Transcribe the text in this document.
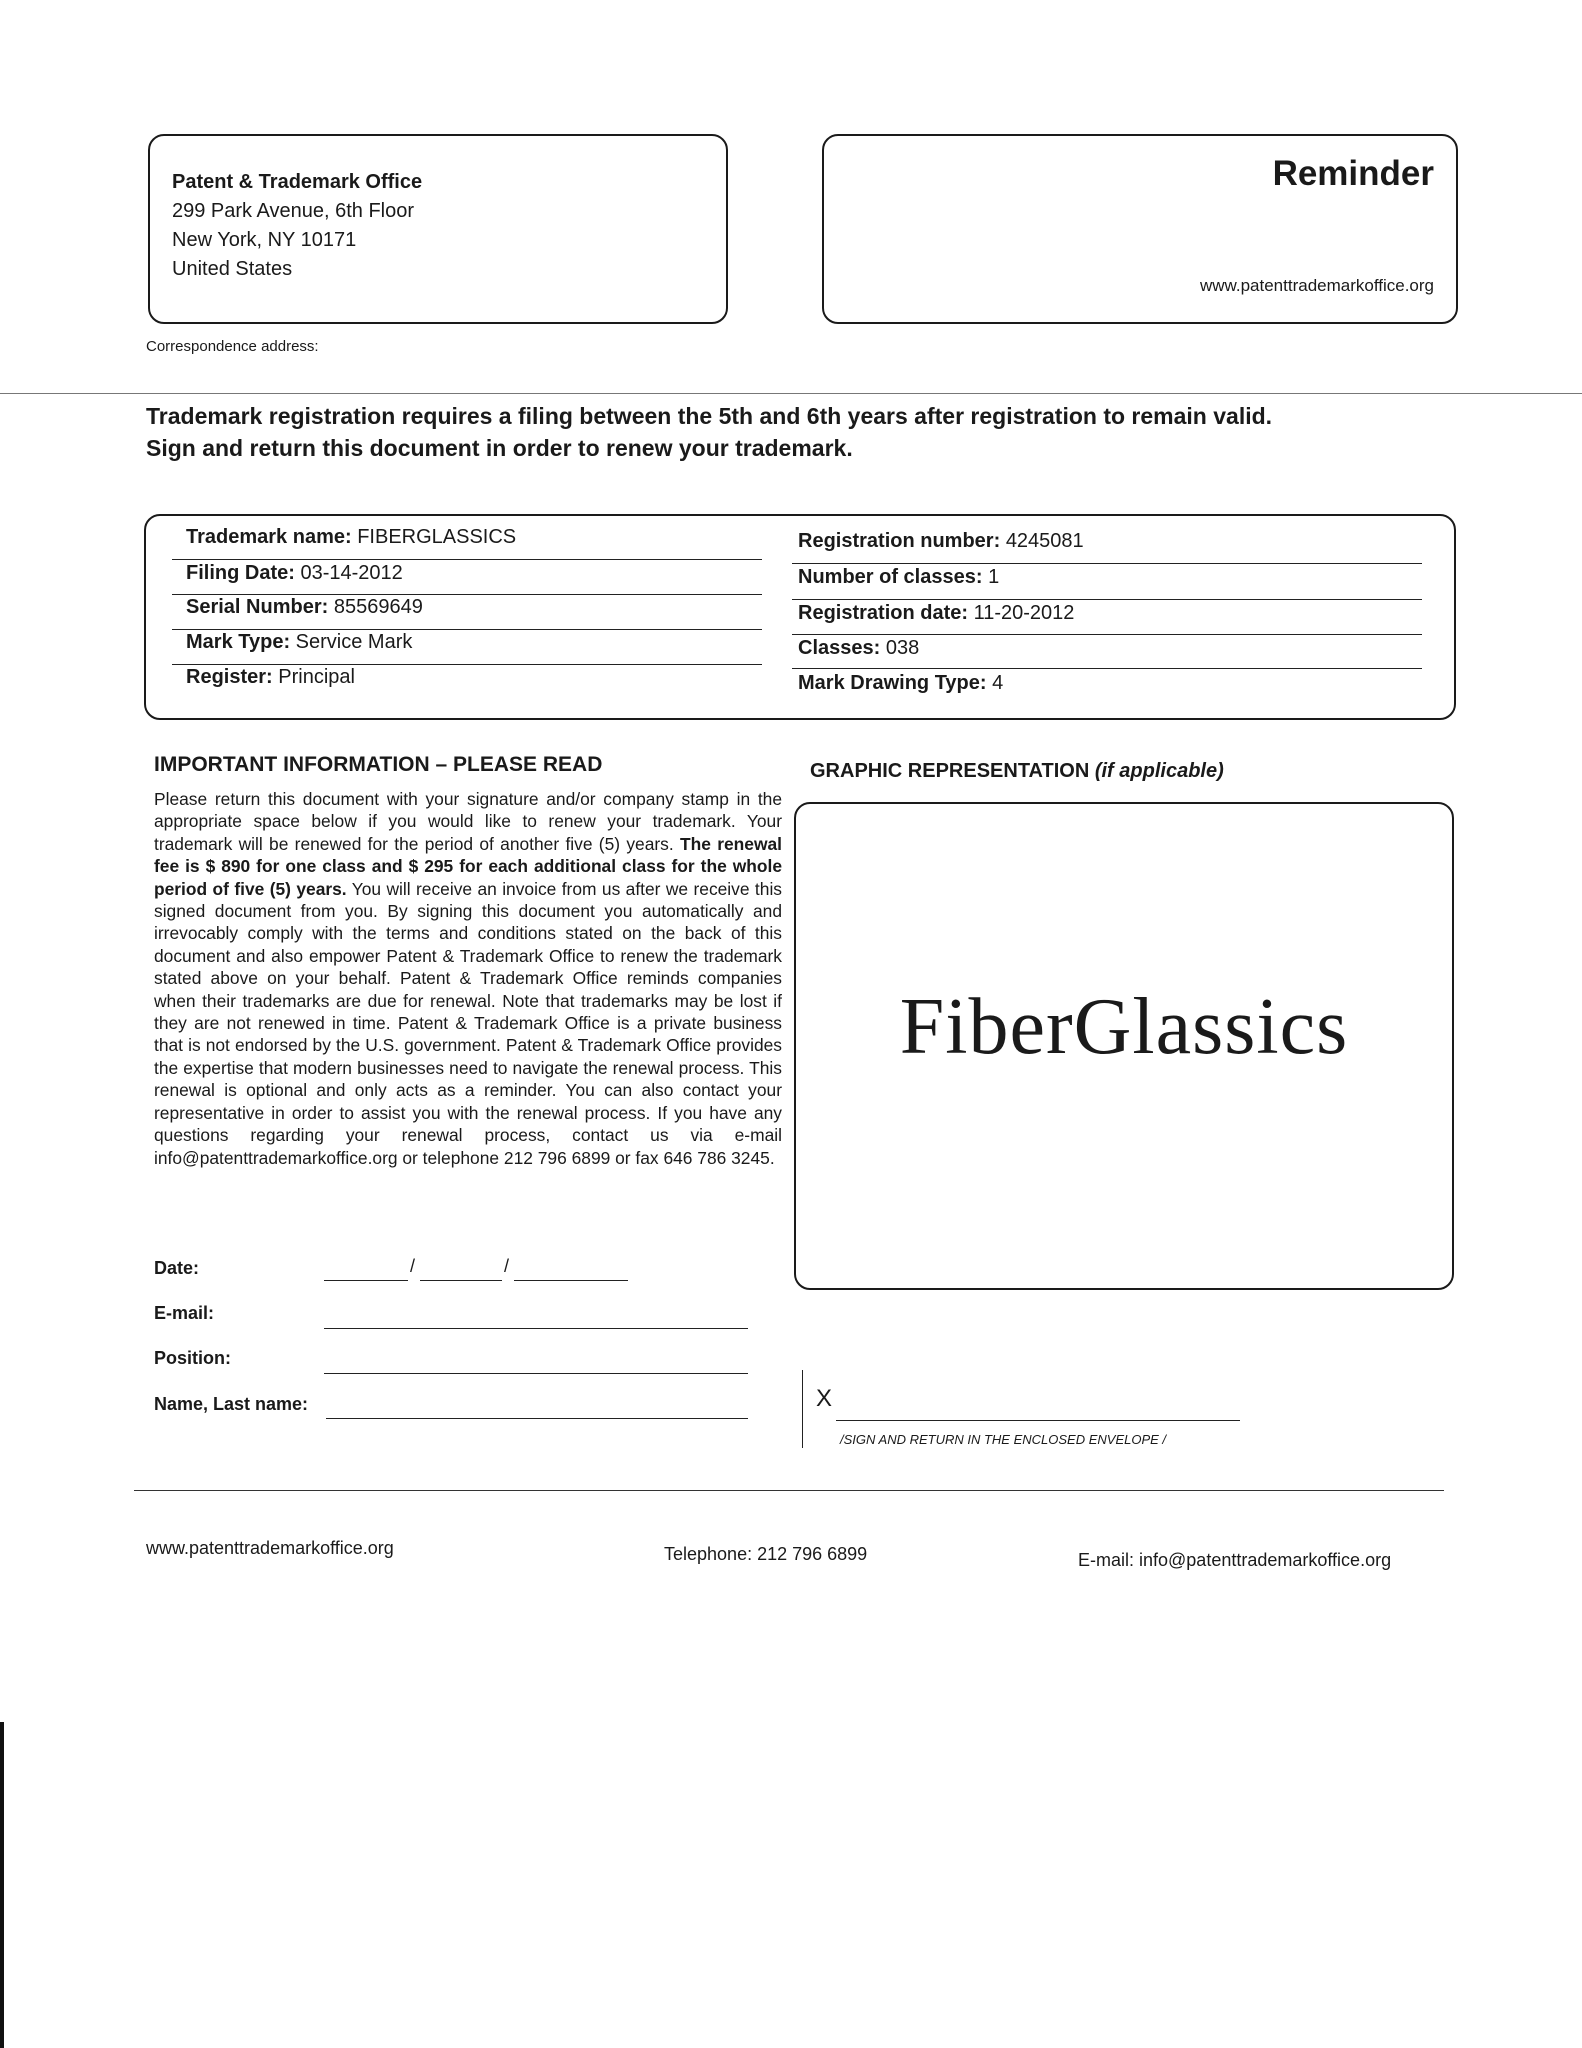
Patent & Trademark Office
299 Park Avenue, 6th Floor
New York, NY 10171
United States
Reminder
www.patenttrademarkoffice.org
Correspondence address:
Trademark registration requires a filing between the 5th and 6th years after registration to remain valid.
Sign and return this document in order to renew your trademark.
Trademark name: FIBERGLASSICS
Filing Date: 03-14-2012
Serial Number: 85569649
Mark Type: Service Mark
Register: Principal
Registration number: 4245081
Number of classes: 1
Registration date: 11-20-2012
Classes: 038
Mark Drawing Type: 4
IMPORTANT INFORMATION – PLEASE READ
Please return this document with your signature and/or company stamp in the appropriate space below if you would like to renew your trademark. Your trademark will be renewed for the period of another five (5) years. The renewal fee is $ 890 for one class and $ 295 for each additional class for the whole period of five (5) years. You will receive an invoice from us after we receive this signed document from you. By signing this document you automatically and irrevocably comply with the terms and conditions stated on the back of this document and also empower Patent & Trademark Office to renew the trademark stated above on your behalf. Patent & Trademark Office reminds companies when their trademarks are due for renewal. Note that trademarks may be lost if they are not renewed in time. Patent & Trademark Office is a private business that is not endorsed by the U.S. government. Patent & Trademark Office provides the expertise that modern businesses need to navigate the renewal process. This renewal is optional and only acts as a reminder. You can also contact your representative in order to assist you with the renewal process. If you have any questions regarding your renewal process, contact us via e-mail info@patenttrademarkoffice.org or telephone 212 796 6899 or fax 646 786 3245.
GRAPHIC REPRESENTATION (if applicable)
FiberGlassics
Date:	/	/
E-mail:
Position:
Name, Last name:	X
/SIGN AND RETURN IN THE ENCLOSED ENVELOPE /
www.patenttrademarkoffice.org	Telephone: 212 796 6899	E-mail: info@patenttrademarkoffice.org
